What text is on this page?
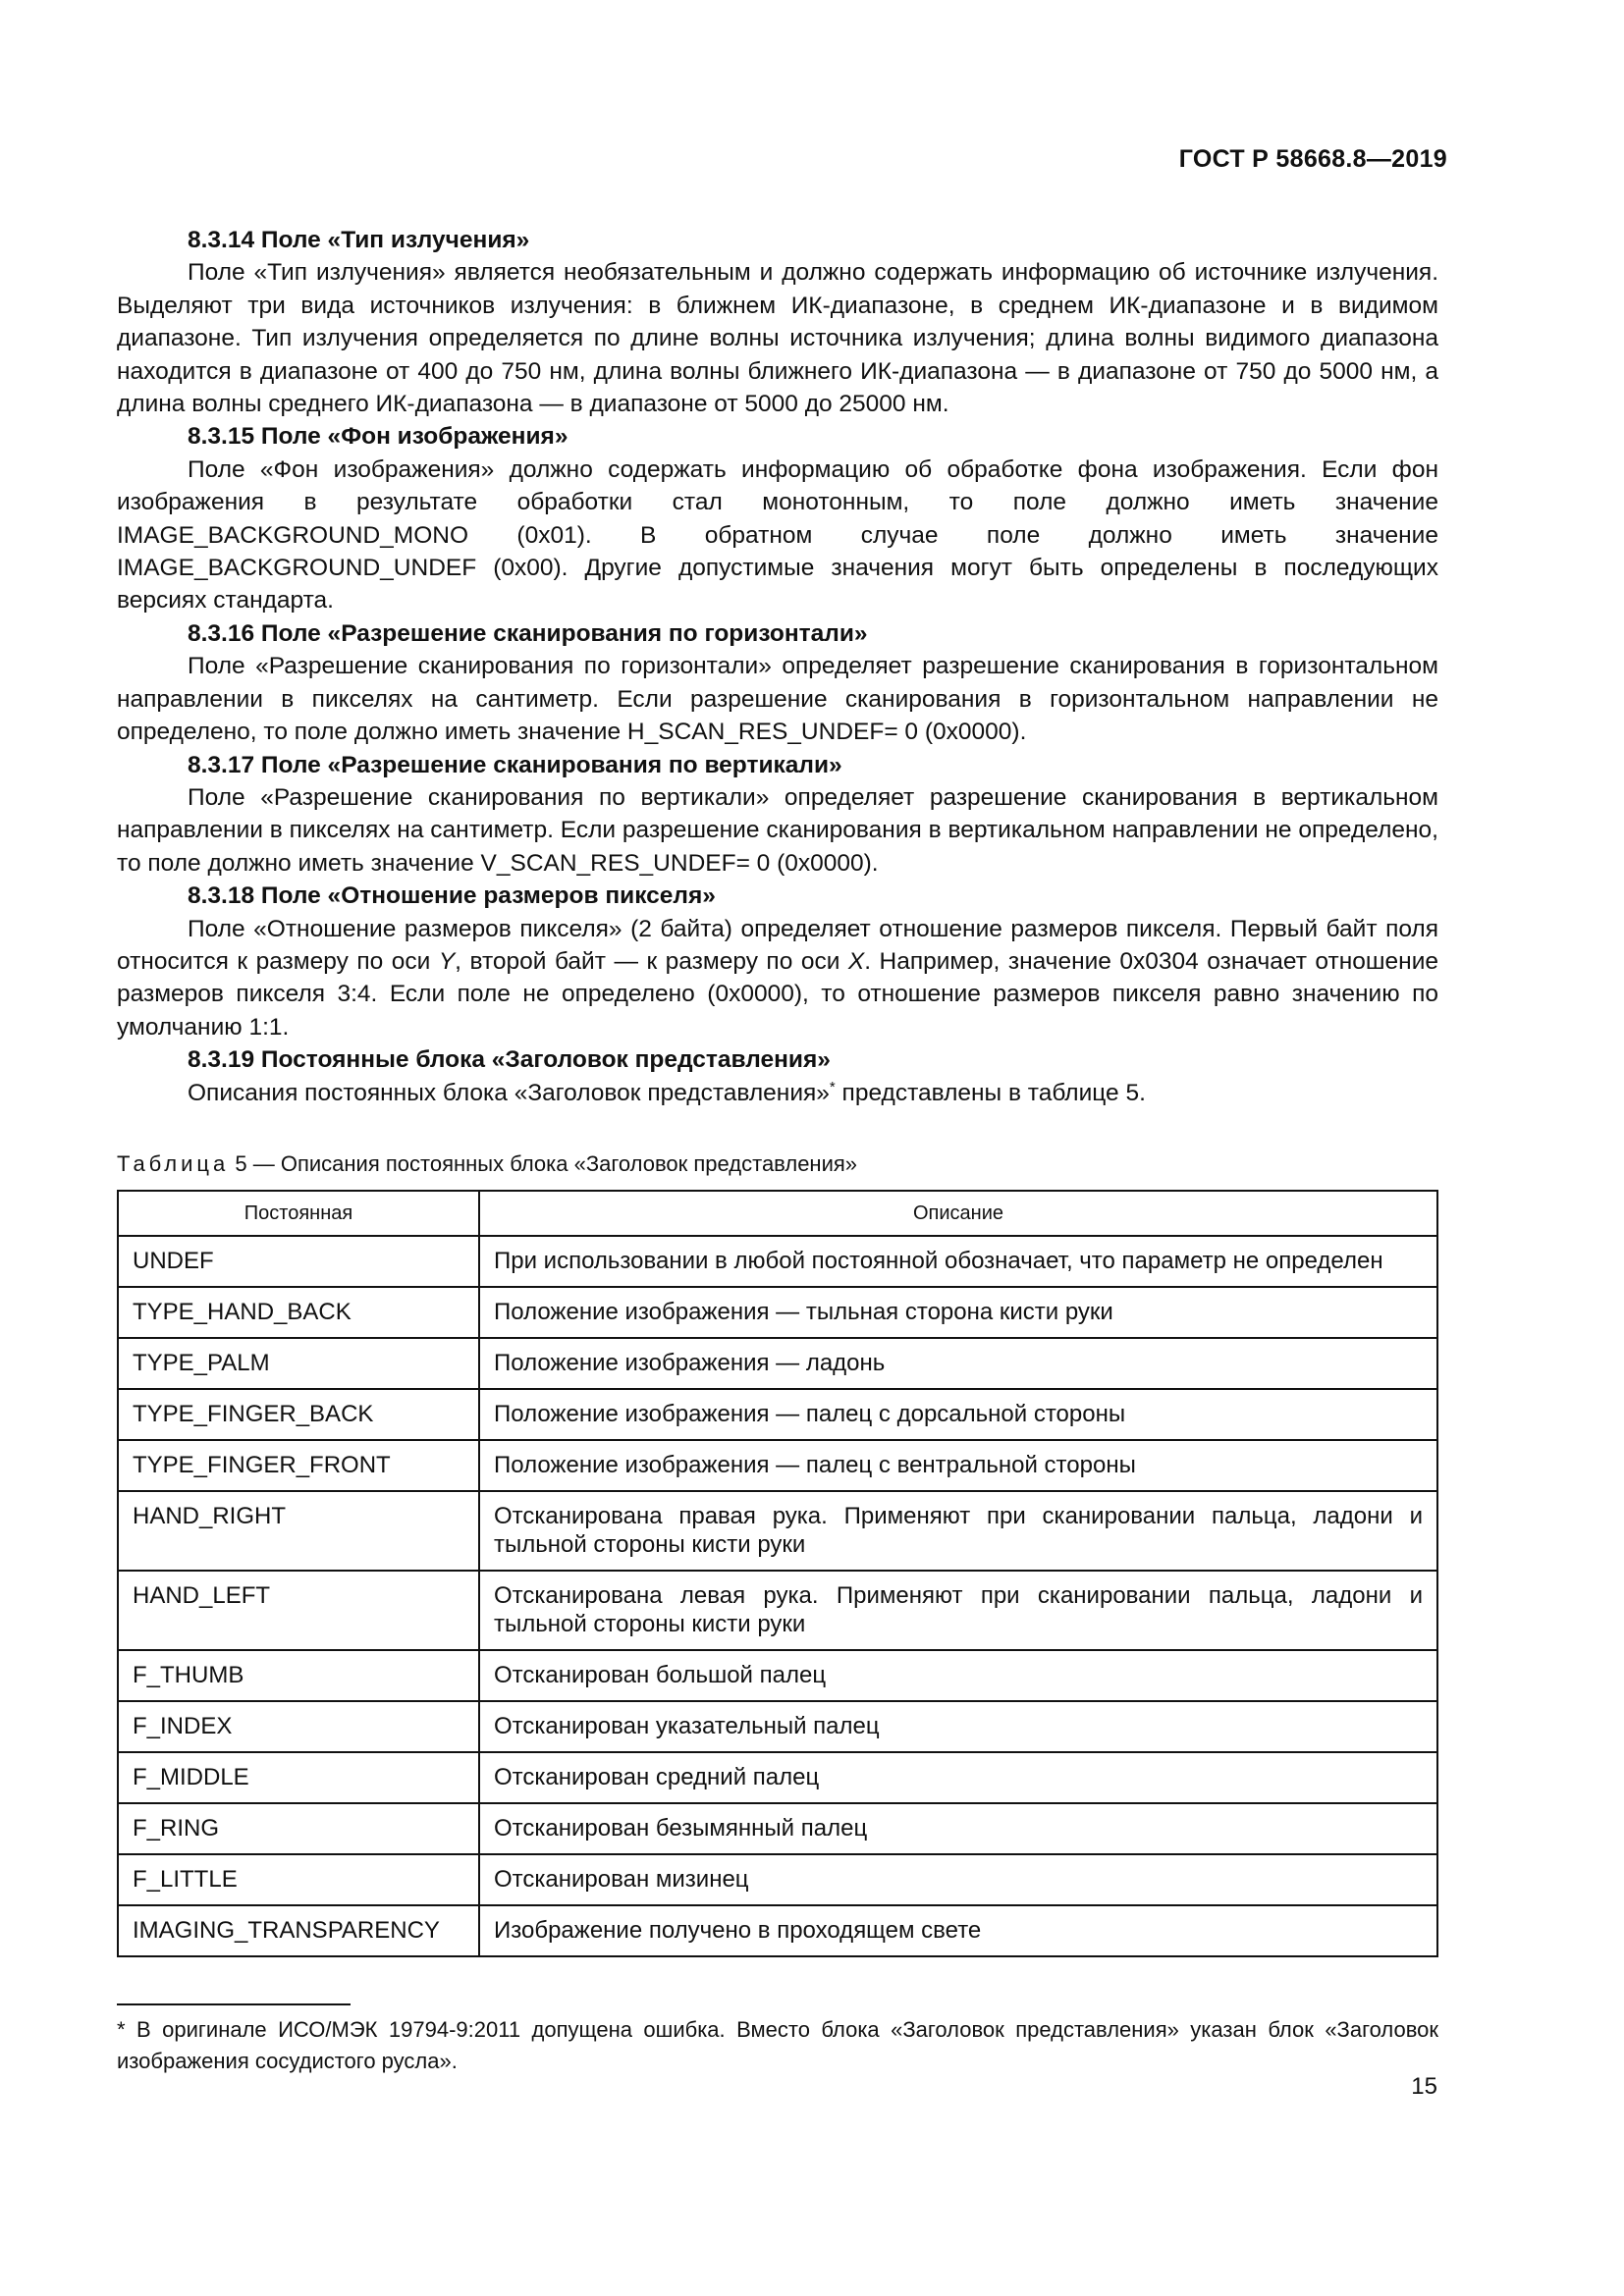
ГОСТ Р 58668.8—2019

8.3.14 Поле «Тип излучения»

Поле «Тип излучения» является необязательным и должно содержать информацию об источнике излучения. Выделяют три вида источников излучения: в ближнем ИК-диапазоне, в среднем ИК-диапазоне и в видимом диапазоне. Тип излучения определяется по длине волны источника излучения; длина волны видимого диапазона находится в диапазоне от 400 до 750 нм, длина волны ближнего ИК-диапазона — в диапазоне от 750 до 5000 нм, а длина волны среднего ИК-диапазона — в диапазоне от 5000 до 25000 нм.

8.3.15 Поле «Фон изображения»

Поле «Фон изображения» должно содержать информацию об обработке фона изображения. Если фон изображения в результате обработки стал монотонным, то поле должно иметь значение IMAGE_BACKGROUND_MONO (0x01). В обратном случае поле должно иметь значение IMAGE_BACKGROUND_UNDEF (0x00). Другие допустимые значения могут быть определены в последующих версиях стандарта.

8.3.16 Поле «Разрешение сканирования по горизонтали»

Поле «Разрешение сканирования по горизонтали» определяет разрешение сканирования в горизонтальном направлении в пикселях на сантиметр. Если разрешение сканирования в горизонтальном направлении не определено, то поле должно иметь значение H_SCAN_RES_UNDEF= 0 (0x0000).

8.3.17 Поле «Разрешение сканирования по вертикали»

Поле «Разрешение сканирования по вертикали» определяет разрешение сканирования в вертикальном направлении в пикселях на сантиметр. Если разрешение сканирования в вертикальном направлении не определено, то поле должно иметь значение V_SCAN_RES_UNDEF= 0 (0x0000).

8.3.18 Поле «Отношение размеров пикселя»

Поле «Отношение размеров пикселя» (2 байта) определяет отношение размеров пикселя. Первый байт поля относится к размеру по оси Y, второй байт — к размеру по оси X. Например, значение 0x0304 означает отношение размеров пикселя 3:4. Если поле не определено (0x0000), то отношение размеров пикселя равно значению по умолчанию 1:1.

8.3.19 Постоянные блока «Заголовок представления»

Описания постоянных блока «Заголовок представления»* представлены в таблице 5.

Таблица 5 — Описания постоянных блока «Заголовок представления»
Постоянная	Описание
UNDEF	При использовании в любой постоянной обозначает, что параметр не определен
TYPE_HAND_BACK	Положение изображения — тыльная сторона кисти руки
TYPE_PALM	Положение изображения — ладонь
TYPE_FINGER_BACK	Положение изображения — палец с дорсальной стороны
TYPE_FINGER_FRONT	Положение изображения — палец с вентральной стороны
HAND_RIGHT	Отсканирована правая рука. Применяют при сканировании пальца, ладони и тыльной стороны кисти руки
HAND_LEFT	Отсканирована левая рука. Применяют при сканировании пальца, ладони и тыльной стороны кисти руки
F_THUMB	Отсканирован большой палец
F_INDEX	Отсканирован указательный палец
F_MIDDLE	Отсканирован средний палец
F_RING	Отсканирован безымянный палец
F_LITTLE	Отсканирован мизинец
IMAGING_TRANSPARENCY	Изображение получено в проходящем свете
* В оригинале ИСО/МЭК 19794-9:2011 допущена ошибка. Вместо блока «Заголовок представления» указан блок «Заголовок изображения сосудистого русла».
15
